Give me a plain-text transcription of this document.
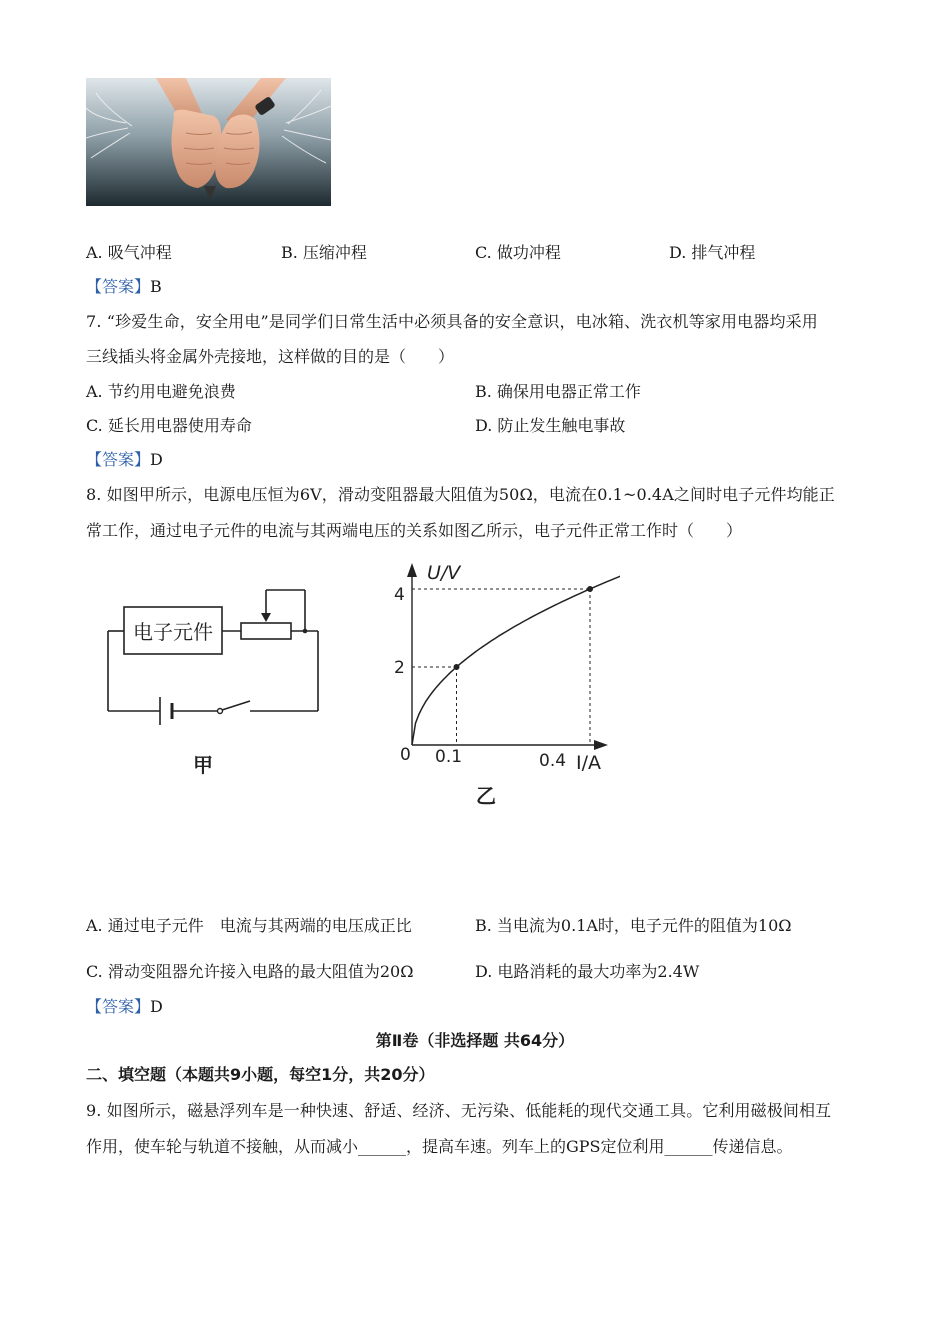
A. 吸气冲程	B. 压缩冲程	C. 做功冲程	D. 排气冲程
【答案】B
7. “珍爱生命，安全用电”是同学们日常生活中必须具备的安全意识，电冰箱、洗衣机等家用电器均采用
三线插头将金属外壳接地，这样做的目的是（　　）
A. 节约用电避免浪费	B. 确保用电器正常工作
C. 延长用电器使用寿命	D. 防止发生触电事故
【答案】D
8. 如图甲所示，电源电压恒为6V，滑动变阻器最大阻值为50Ω，电流在0.1~0.4A之间时电子元件均能正
常工作，通过电子元件的电流与其两端电压的关系如图乙所示，电子元件正常工作时（　　）
电子元件
甲
U/V
I/A
0
4
2
0.1	0.4
乙
A. 通过电子元件　电流与其两端的电压成正比	B. 当电流为0.1A时，电子元件的阻值为10Ω
C. 滑动变阻器允许接入电路的最大阻值为20Ω	D. 电路消耗的最大功率为2.4W
【答案】D
第Ⅱ卷（非选择题 共64分）
二、填空题（本题共9小题，每空1分，共20分）
9. 如图所示，磁悬浮列车是一种快速、舒适、经济、无污染、低能耗的现代交通工具。它利用磁极间相互
作用，使车轮与轨道不接触，从而减小______，提高车速。列车上的GPS定位利用______传递信息。
